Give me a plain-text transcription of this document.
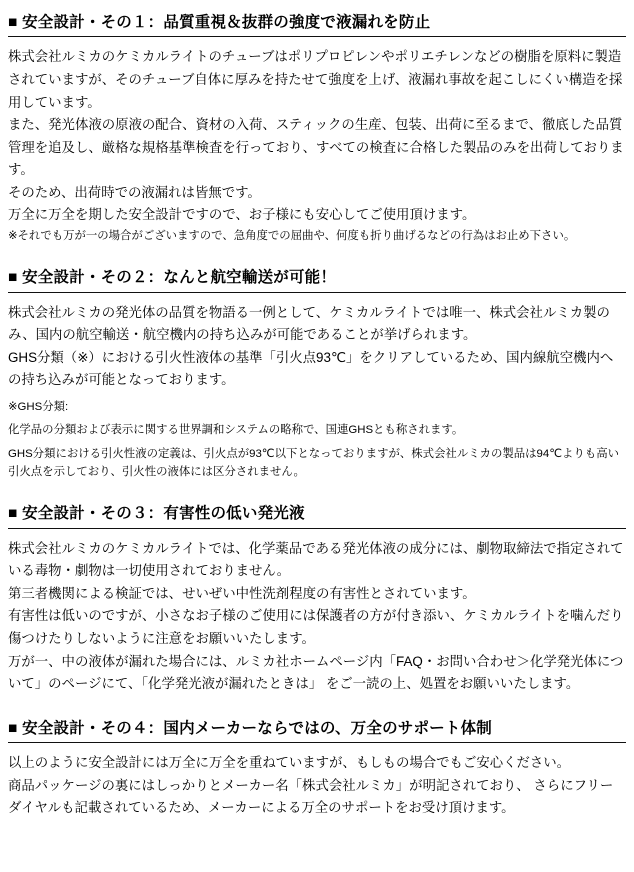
■ 安全設計・その１：品質重視＆抜群の強度で液漏れを防止

株式会社ルミカのケミカルライトのチューブはポリプロピレンやポリエチレンなどの樹脂を原料に製造されていますが、そのチューブ自体に厚みを持たせて強度を上げ、液漏れ事故を起こしにくい構造を採用しています。

また、発光体液の原液の配合、資材の入荷、スティックの生産、包装、出荷に至るまで、徹底した品質管理を追及し、厳格な規格基準検査を行っており、すべての検査に合格した製品のみを出荷しております。

そのため、出荷時での液漏れは皆無です。

万全に万全を期した安全設計ですので、お子様にも安心してご使用頂けます。

※それでも万が一の場合がございますので、急角度での屈曲や、何度も折り曲げるなどの行為はお止め下さい。

■ 安全設計・その２：なんと航空輸送が可能！

株式会社ルミカの発光体の品質を物語る一例として、ケミカルライトでは唯一、株式会社ルミカ製のみ、国内の航空輸送・航空機内の持ち込みが可能であることが挙げられます。

GHS分類（※）における引火性液体の基準「引火点93℃」をクリアしているため、国内線航空機内への持ち込みが可能となっております。

※GHS分類:

化学品の分類および表示に関する世界調和システムの略称で、国連GHSとも称されます。

GHS分類における引火性液の定義は、引火点が93℃以下となっておりますが、株式会社ルミカの製品は94℃よりも高い引火点を示しており、引火性の液体には区分されません。

■ 安全設計・その３：有害性の低い発光液

株式会社ルミカのケミカルライトでは、化学薬品である発光体液の成分には、劇物取締法で指定されている毒物・劇物は一切使用されておりません。

第三者機関による検証では、せいぜい中性洗剤程度の有害性とされています。

有害性は低いのですが、小さなお子様のご使用には保護者の方が付き添い、ケミカルライトを噛んだり傷つけたりしないように注意をお願いいたします。

万が一、中の液体が漏れた場合には、ルミカ社ホームページ内「FAQ・お問い合わせ＞化学発光体について」のページにて、「化学発光液が漏れたときは」 をご一読の上、処置をお願いいたします。

■ 安全設計・その４：国内メーカーならではの、万全のサポート体制

以上のように安全設計には万全に万全を重ねていますが、もしもの場合でもご安心ください。

商品パッケージの裏にはしっかりとメーカー名「株式会社ルミカ」が明記されており、 さらにフリーダイヤルも記載されているため、メーカーによる万全のサポートをお受け頂けます。
